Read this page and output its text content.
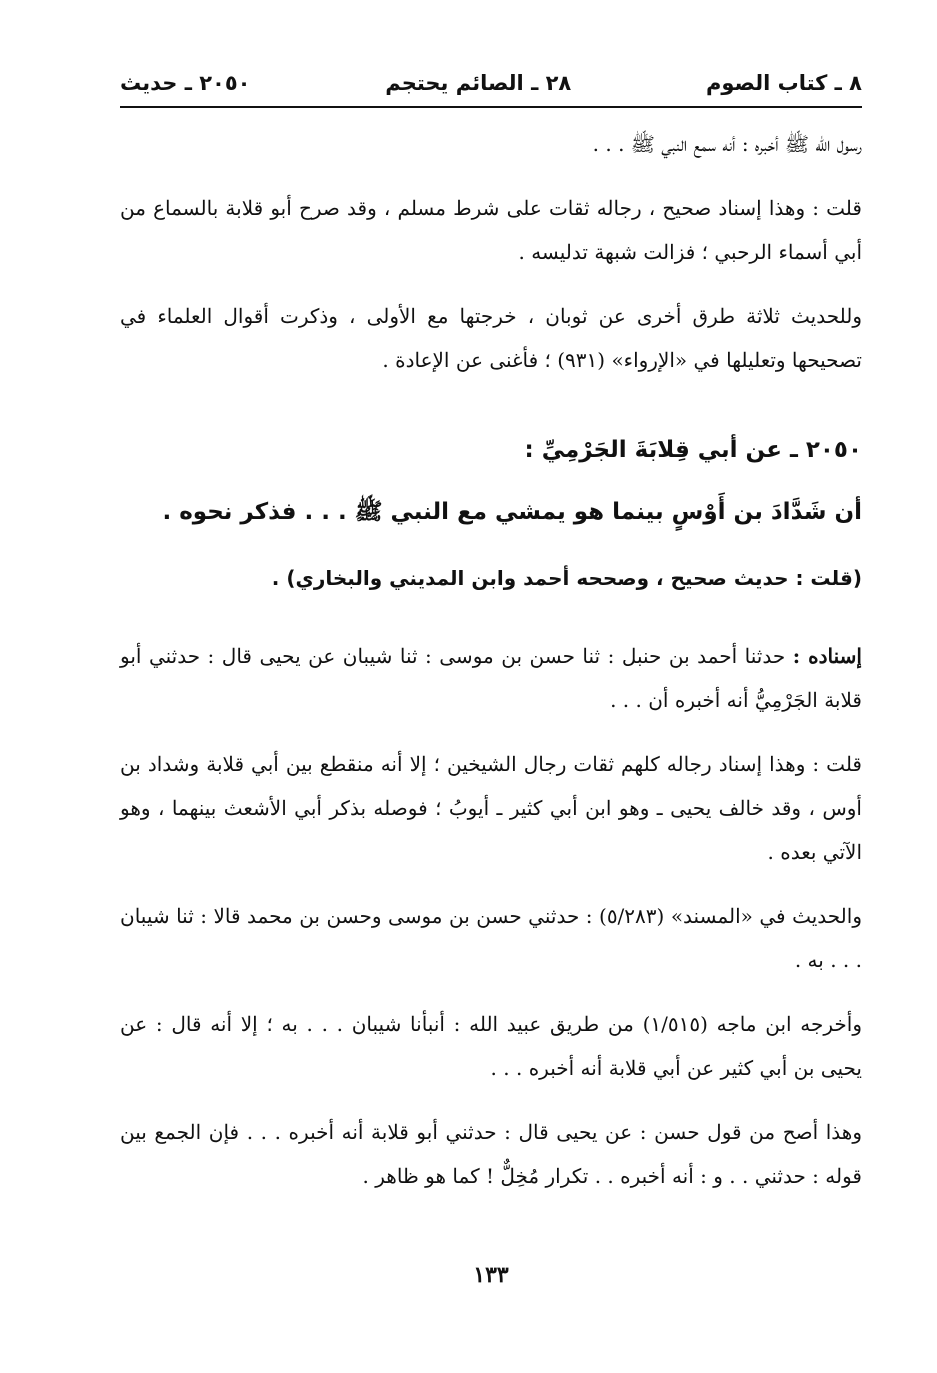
٨ ـ كتاب الصوم
٢٨ ـ الصائم يحتجم
٢٠٥٠ ـ حديث

رسول الله ﷺ أخبره : أنه سمع النبي ﷺ . . .

قلت : وهذا إسناد صحيح ، رجاله ثقات على شرط مسلم ، وقد صرح أبو قلابة بالسماع من أبي أسماء الرحبي ؛ فزالت شبهة تدليسه .

وللحديث ثلاثة طرق أخرى عن ثوبان ، خرجتها مع الأولى ، وذكرت أقوال العلماء في تصحيحها وتعليلها في «الإرواء» (٩٣١) ؛ فأغنى عن الإعادة .

٢٠٥٠ ـ عن أبي قِلابَةَ الجَرْمِيِّ :

أن شَدَّادَ بن أَوْسٍ بينما هو يمشي مع النبي ﷺ . . . فذكر نحوه .

(قلت : حديث صحيح ، وصححه أحمد وابن المديني والبخاري) .

إسناده : حدثنا أحمد بن حنبل : ثنا حسن بن موسى : ثنا شيبان عن يحيى قال : حدثني أبو قلابة الجَرْمِيُّ أنه أخبره أن . . .

قلت : وهذا إسناد رجاله كلهم ثقات رجال الشيخين ؛ إلا أنه منقطع بين أبي قلابة وشداد بن أوس ، وقد خالف يحيى ـ وهو ابن أبي كثير ـ أيوبُ ؛ فوصله بذكر أبي الأشعث بينهما ، وهو الآتي بعده .

والحديث في «المسند» (٥/٢٨٣) : حدثني حسن بن موسى وحسن بن محمد قالا : ثنا شيبان . . . به .

وأخرجه ابن ماجه (١/٥١٥) من طريق عبيد الله : أنبأنا شيبان . . . به ؛ إلا أنه قال : عن يحيى بن أبي كثير عن أبي قلابة أنه أخبره . . .

وهذا أصح من قول حسن : عن يحيى قال : حدثني أبو قلابة أنه أخبره . . . فإن الجمع بين قوله : حدثني . . و : أنه أخبره . . تكرار مُخِلٌّ ! كما هو ظاهر .

١٣٣
